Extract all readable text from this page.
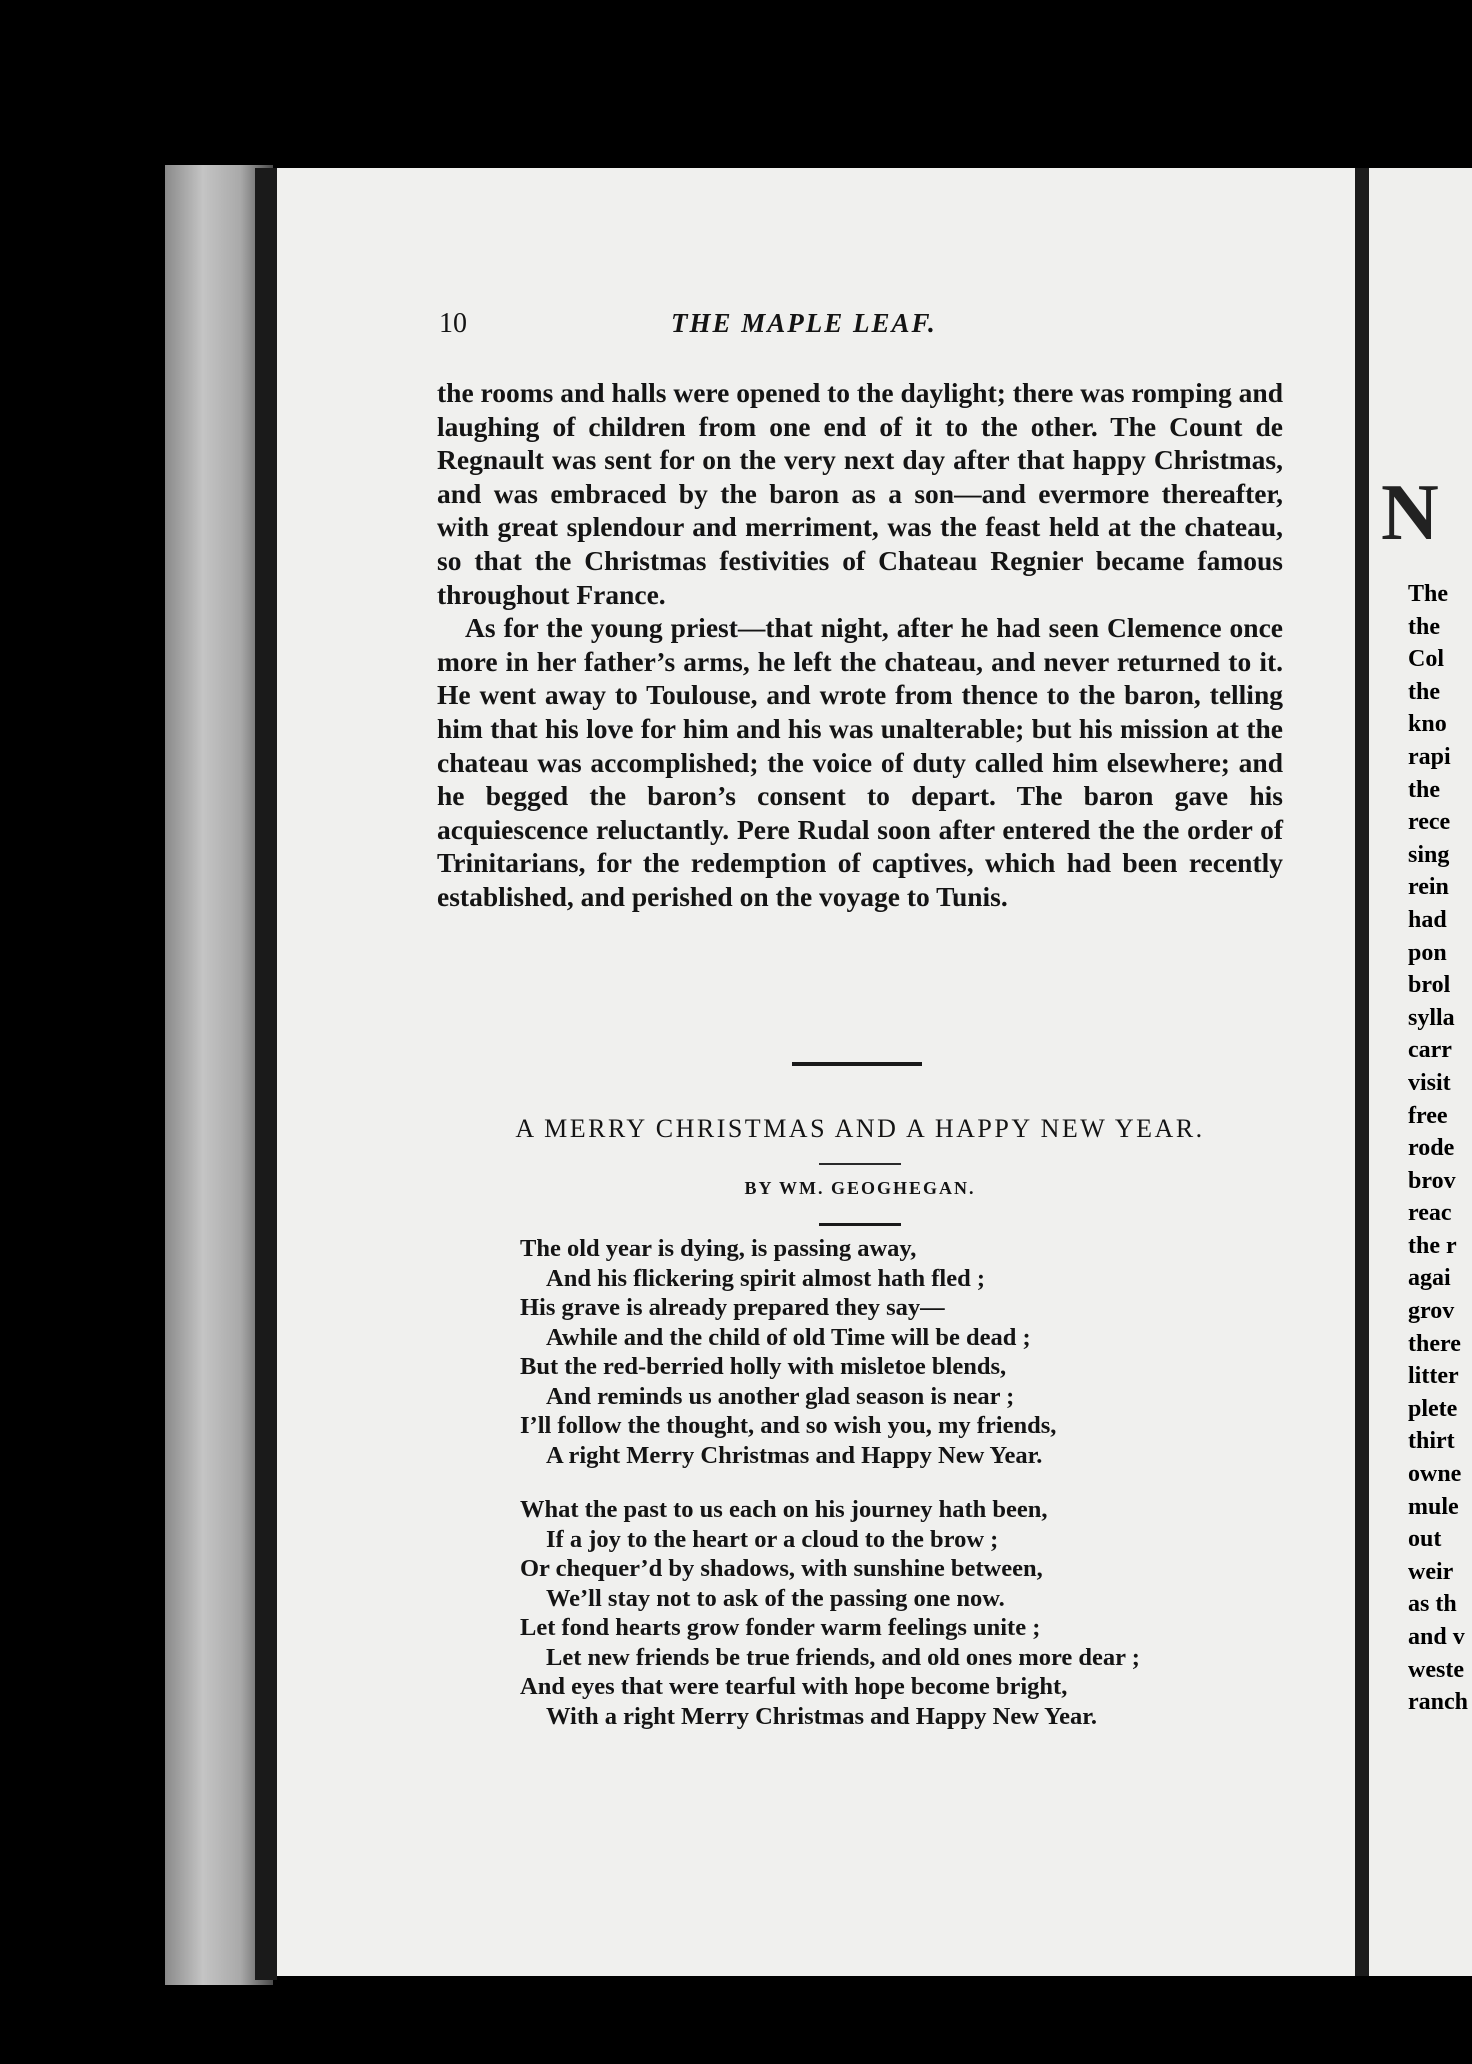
10	THE MAPLE LEAF.

the rooms and halls were opened to the daylight; there was romping and laughing of children from one end of it to the other. The Count de Regnault was sent for on the very next day after that happy Christmas, and was embraced by the baron as a son—and evermore thereafter, with great splendour and merriment, was the feast held at the chateau, so that the Christmas festivities of Chateau Regnier became famous throughout France.

As for the young priest—that night, after he had seen Clemence once more in her father’s arms, he left the chateau, and never returned to it. He went away to Toulouse, and wrote from thence to the baron, telling him that his love for him and his was unalterable; but his mission at the chateau was accomplished; the voice of duty called him elsewhere; and he begged the baron’s consent to depart. The baron gave his acquiescence reluctantly. Pere Rudal soon after entered the the order of Trinitarians, for the redemption of captives, which had been recently established, and perished on the voyage to Tunis.

A MERRY CHRISTMAS AND A HAPPY NEW YEAR.
BY WM. GEOGHEGAN.
The old year is dying, is passing away,
And his flickering spirit almost hath fled ;
His grave is already prepared they say—
Awhile and the child of old Time will be dead ;
But the red-berried holly with misletoe blends,
And reminds us another glad season is near ;
I’ll follow the thought, and so wish you, my friends,
A right Merry Christmas and Happy New Year.
What the past to us each on his journey hath been,
If a joy to the heart or a cloud to the brow ;
Or chequer’d by shadows, with sunshine between,
We’ll stay not to ask of the passing one now.
Let fond hearts grow fonder warm feelings unite ;
Let new friends be true friends, and old ones more dear ;
And eyes that were tearful with hope become bright,
With a right Merry Christmas and Happy New Year.
N
The
the
Col
the
kno
rapi
the
rece
sing
rein
had
pon
brol
sylla
carr
visit
free
rode
brov
reac
the r
agai
grov
there
litter
plete
thirt
owne
mule
out
weir
as th
and v
weste
ranch
